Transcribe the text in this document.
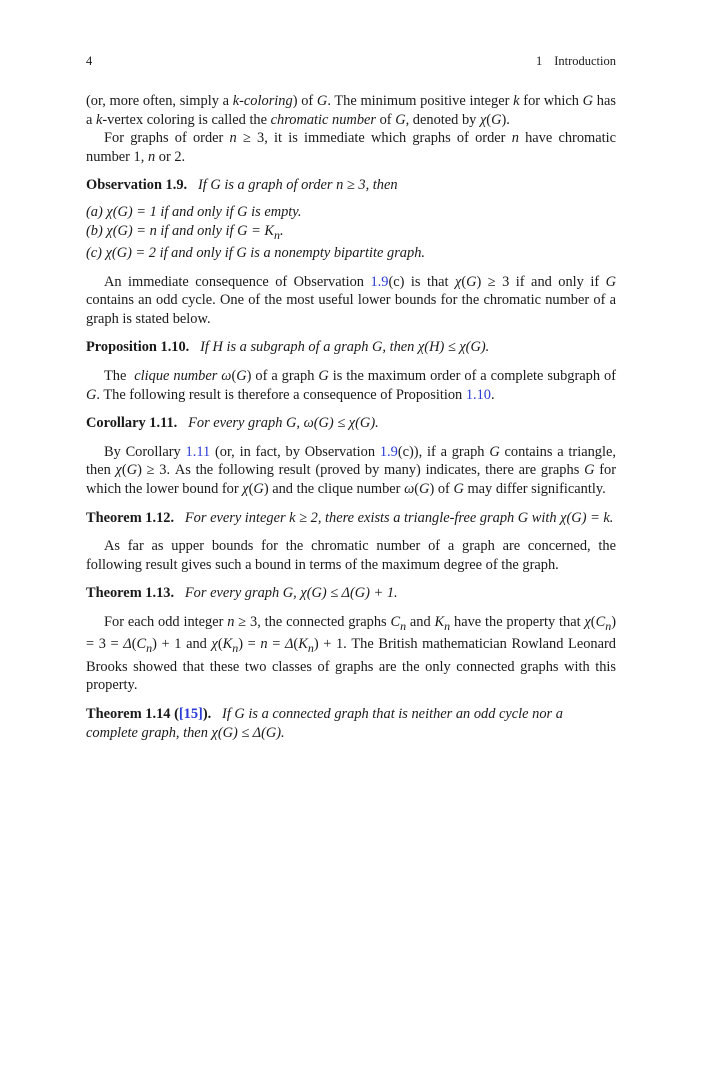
4	1 Introduction

(or, more often, simply a k-coloring) of G. The minimum positive integer k for which G has a k-vertex coloring is called the chromatic number of G, denoted by χ(G).

For graphs of order n ≥ 3, it is immediate which graphs of order n have chromatic number 1, n or 2.

Observation 1.9.  If G is a graph of order n ≥ 3, then

(a) χ(G) = 1 if and only if G is empty.
(b) χ(G) = n if and only if $G = K_n$.
(c) χ(G) = 2 if and only if G is a nonempty bipartite graph.

An immediate consequence of Observation 1.9(c) is that χ(G) ≥ 3 if and only if G contains an odd cycle. One of the most useful lower bounds for the chromatic number of a graph is stated below.

Proposition 1.10.  If H is a subgraph of a graph G, then χ(H) ≤ χ(G).

The  clique number ω(G) of a graph G is the maximum order of a complete subgraph of G. The following result is therefore a consequence of Proposition 1.10.

Corollary 1.11.  For every graph G, ω(G) ≤ χ(G).

By Corollary 1.11 (or, in fact, by Observation 1.9(c)), if a graph G contains a triangle, then χ(G) ≥ 3. As the following result (proved by many) indicates, there are graphs G for which the lower bound for χ(G) and the clique number ω(G) of G may differ significantly.

Theorem 1.12.  For every integer k ≥ 2, there exists a triangle-free graph G with χ(G) = k.

As far as upper bounds for the chromatic number of a graph are concerned, the following result gives such a bound in terms of the maximum degree of the graph.

Theorem 1.13.  For every graph G, χ(G) ≤ Δ(G) + 1.

For each odd integer n ≥ 3, the connected graphs $C_n$ and $K_n$ have the property that $\chi(C_n) = 3 = \Delta(C_n) + 1$ and $\chi(K_n) = n = \Delta(K_n) + 1$. The British mathematician Rowland Leonard Brooks showed that these two classes of graphs are the only connected graphs with this property.

Theorem 1.14 ([15]).  If G is a connected graph that is neither an odd cycle nor a complete graph, then χ(G) ≤ Δ(G).
